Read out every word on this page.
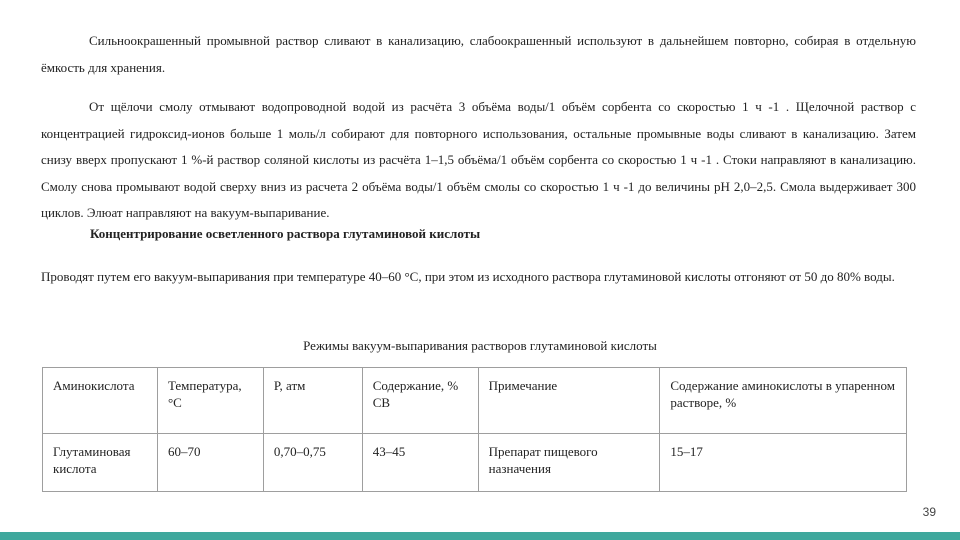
Сильноокрашенный промывной раствор сливают в канализацию, слабоокрашенный используют в дальнейшем повторно, собирая в отдельную ёмкость для хранения.

От щёлочи смолу отмывают водопроводной водой из расчёта 3 объёма воды/1 объём сорбента со скоростью 1 ч -1 . Щелочной раствор с концентрацией гидроксид-ионов больше 1 моль/л собирают для повторного использования, остальные промывные воды сливают в канализацию. Затем снизу вверх пропускают 1 %-й раствор соляной кислоты из расчёта 1–1,5 объёма/1 объём сорбента со скоростью 1 ч -1 . Стоки направляют в канализацию. Смолу снова промывают водой сверху вниз из расчета 2 объёма воды/1 объём смолы со скоростью 1 ч -1 до величины рН 2,0–2,5. Смола выдерживает 300 циклов. Элюат направляют на вакуум-выпаривание.

Концентрирование осветленного раствора глутаминовой кислоты

Проводят путем его вакуум-выпаривания при температуре 40–60 °С, при этом из исходного раствора глутаминовой кислоты отгоняют от 50 до 80% воды.

Режимы вакуум-выпаривания растворов глутаминовой кислоты
Аминокислота	Температура, °С	Р, атм	Содержание, % СВ	Примечание	Содержание аминокислоты в упаренном растворе, %
Глутаминовая кислота	60–70	0,70–0,75	43–45	Препарат пищевого назначения	15–17
39
